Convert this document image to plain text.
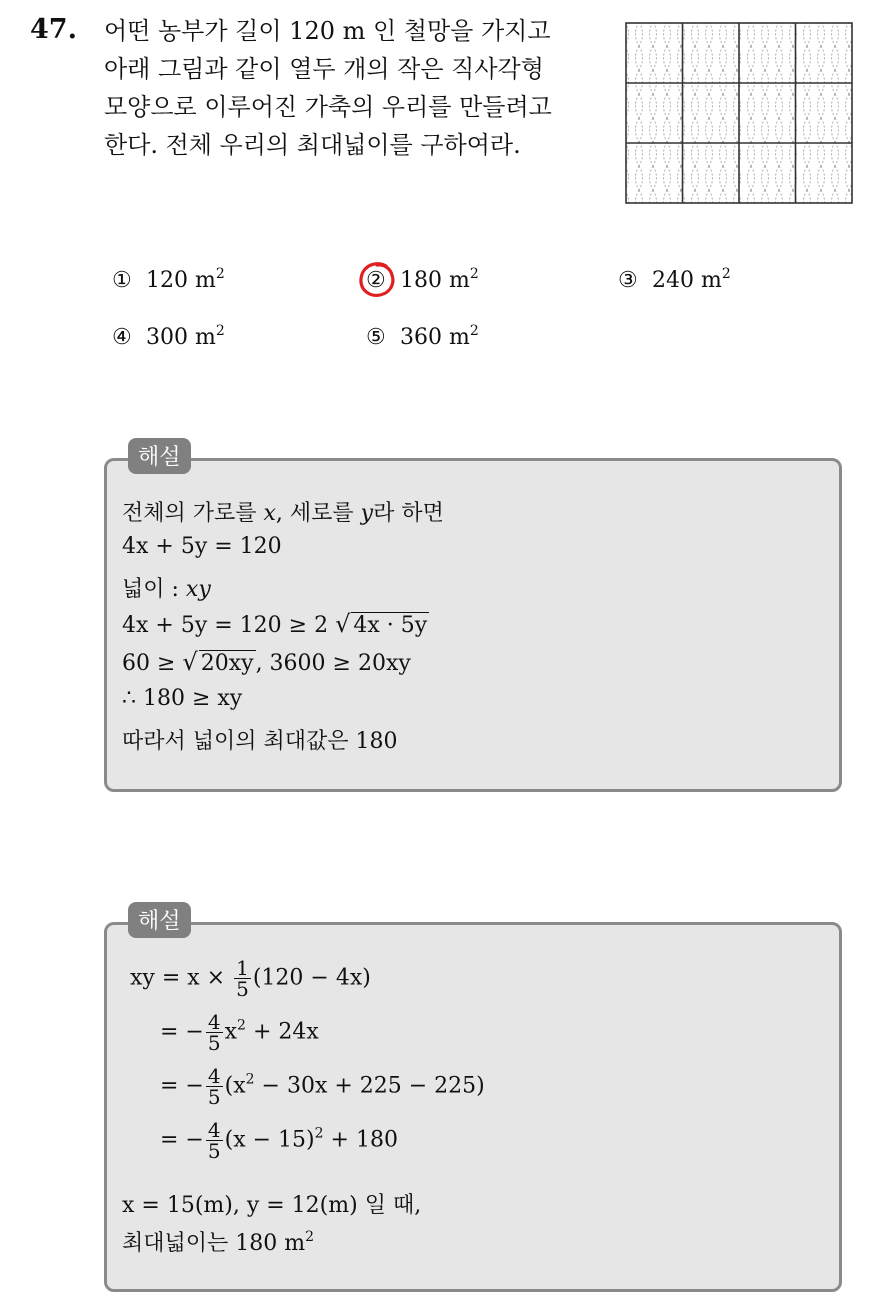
47. 어떤 농부가 길이 120 m 인 철망을 가지고
아래 그림과 같이 열두 개의 작은 직사각형
모양으로 이루어진 가축의 우리를 만들려고
한다. 전체 우리의 최대넓이를 구하여라.
① 120 $m^2$	② 180 $m^2$	③ 240 $m^2$
④ 300 $m^2$	⑤ 360 $m^2$
해설
전체의 가로를 x, 세로를 y라 하면
4x + 5y = 120
넓이 : xy
4x + 5y = 120 ≥ 2 √ 4x · 5y
60 ≥ √ 20xy, 3600 ≥ 20xy
∴ 180 ≥ xy
따라서 넓이의 최대값은 180
해설
xy = $x \times \frac{1}{5} (120 - 4x)$
= − $\frac{4}{5} x^2 + 24x$
= − $\frac{4}{5} (x^2 - 30x + 225 - 225)$
= − $\frac{4}{5} (x - 15)^2 + 180$
x = 15(m), y = 12(m) 일 때,
최대넓이는 180 $m^2$
